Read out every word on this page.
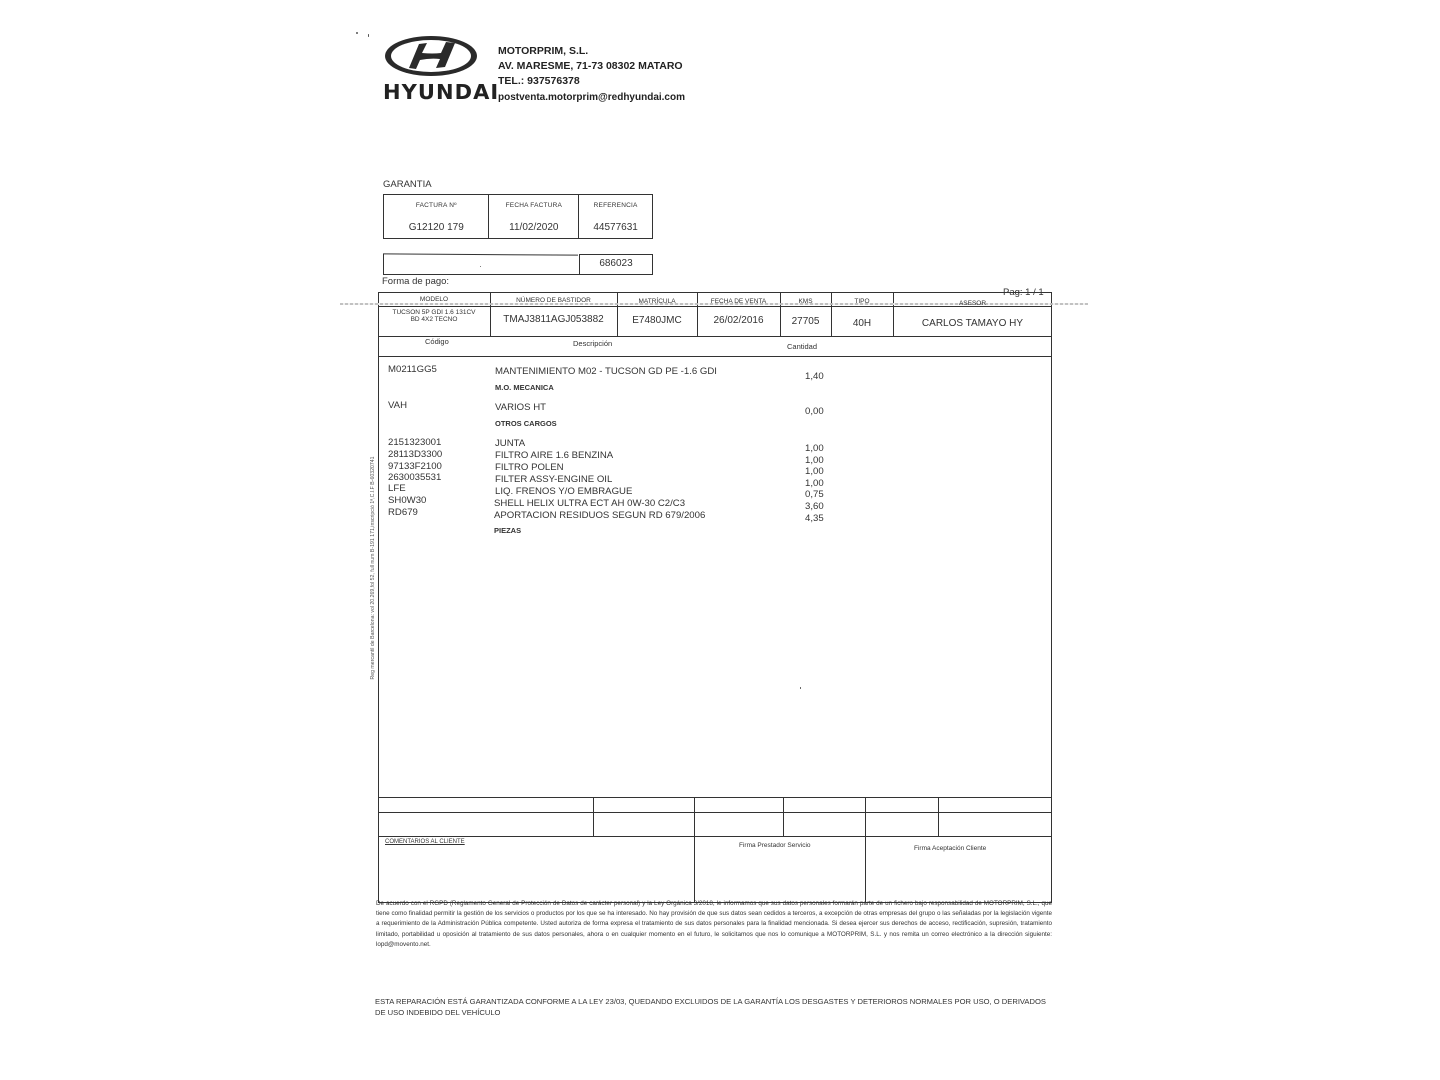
HYUNDAI
MOTORPRIM, S.L.
AV. MARESME, 71-73 08302 MATARO
TEL.: 937576378
postventa.motorprim@redhyundai.com
GARANTIA
FACTURA Nº	FECHA FACTURA	REFERENCIA
G12120 179	11/02/2020	44577631
686023
Forma de pago:
Pag: 1 / 1
MODELO	NÚMERO DE BASTIDOR	MATRÍCULA	FECHA DE VENTA	KMS	TIPO	ASESOR
TUCSON 5P GDI 1.6 131CV
BD 4X2 TECNO	TMAJ3811AGJ053882	E7480JMC	26/02/2016	27705	40H	CARLOS TAMAYO HY
Código	Descripción	Cantidad
M0211GG5	MANTENIMIENTO M02 - TUCSON GD PE -1.6 GDI	1,40
M.O. MECANICA
VAH	VARIOS HT	0,00
OTROS CARGOS
2151323001	JUNTA	1,00
28113D3300	FILTRO AIRE 1.6 BENZINA	1,00
97133F2100	FILTRO POLEN	1,00
2630035531	FILTER ASSY-ENGINE OIL	1,00
LFE	LIQ. FRENOS Y/O EMBRAGUE	0,75
SH0W30	SHELL HELIX ULTRA ECT AH 0W-30 C2/C3	3,60
RD679	APORTACION RESIDUOS SEGUN RD 679/2006	4,35
PIEZAS
Reg mercantil de Barcelona: vol 20.269,fol 52, full num B-191 171,inscripció 1ª,C.I.F B-60320741
COMENTARIOS AL CLIENTE	Firma Prestador Servicio	Firma Aceptación Cliente
De acuerdo con el RGPD (Reglamento General de Protección de Datos de carácter personal) y la Ley Orgánica 3/2018, le informamos que sus datos personales formarán parte de un fichero bajo responsabilidad de MOTORPRIM, S.L., que tiene como finalidad permitir la gestión de los servicios o productos por los que se ha interesado. No hay provisión de que sus datos sean cedidos a terceros, a excepción de otras empresas del grupo o las señaladas por la legislación vigente a requerimiento de la Administración Pública competente. Usted autoriza de forma expresa el tratamiento de sus datos personales para la finalidad mencionada. Si desea ejercer sus derechos de acceso, rectificación, supresión, tratamiento limitado, portabilidad u oposición al tratamiento de sus datos personales, ahora o en cualquier momento en el futuro, le solicitamos que nos lo comunique a MOTORPRIM, S.L. y nos remita un correo electrónico a la dirección siguiente: lopd@movento.net.
ESTA REPARACIÓN ESTÁ GARANTIZADA CONFORME A LA LEY 23/03, QUEDANDO EXCLUIDOS DE LA GARANTÍA LOS DESGASTES Y DETERIOROS NORMALES POR USO, O DERIVADOS DE USO INDEBIDO DEL VEHÍCULO
